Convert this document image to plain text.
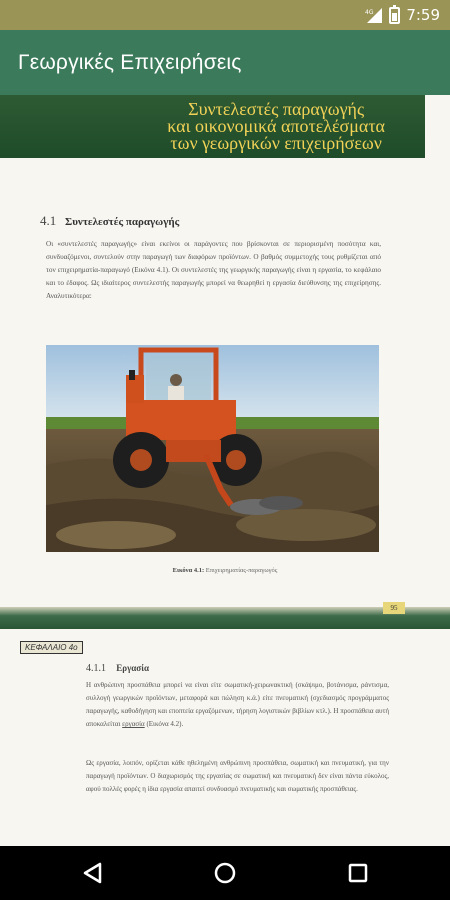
4G 7:59
Γεωργικές Επιχειρήσεις
Συντελεστές παραγωγής
και οικονομικά αποτελέσματα
των γεωργικών επιχειρήσεων
4.1 Συντελεστές παραγωγής

Οι «συντελεστές παραγωγής» είναι εκείνοι οι παράγοντες που βρίσκονται σε περιορισμένη ποσότητα και, συνδυαζόμενοι, συντελούν στην παραγωγή των διαφόρων προϊόντων. Ο βαθμός συμμετοχής τους ρυθμίζεται από τον επιχειρηματία-παραγωγό (Εικόνα 4.1). Οι συντελεστές της γεωργικής παραγωγής είναι η εργασία, το κεφάλαιο και το έδαφος. Ως ιδιαίτερος συντελεστής παραγωγής μπορεί να θεωρηθεί η εργασία διεύθυνσης της επιχείρησης. Αναλυτικότερα:

Εικόνα 4.1: Επιχειρηματίας-παραγωγός
95
ΚΕΦΑΛΑΙΟ 4ο
4.1.1 Εργασία

Η ανθρώπινη προσπάθεια μπορεί να είναι είτε σωματική-χειρωνακτική (σκάψιμο, βοτάνισμα, ράντισμα, συλλογή γεωργικών προϊόντων, μεταφορά και πώληση κ.ά.) είτε πνευματική (σχεδιασμός προγράμματος παραγωγής, καθοδήγηση και εποπτεία εργαζόμενων, τήρηση λογιστικών βιβλίων κτλ.). Η προσπάθεια αυτή αποκαλείται εργασία (Εικόνα 4.2).

Ως εργασία, λοιπόν, ορίζεται κάθε ηθελημένη ανθρώπινη προσπάθεια, σωματική και πνευματική, για την παραγωγή προϊόντων. Ο διαχωρισμός της εργασίας σε σωματική και πνευματική δεν είναι πάντα εύκολος, αφού πολλές φορές η ίδια εργασία απαιτεί συνδυασμό πνευματικής και σωματικής προσπάθειας.
